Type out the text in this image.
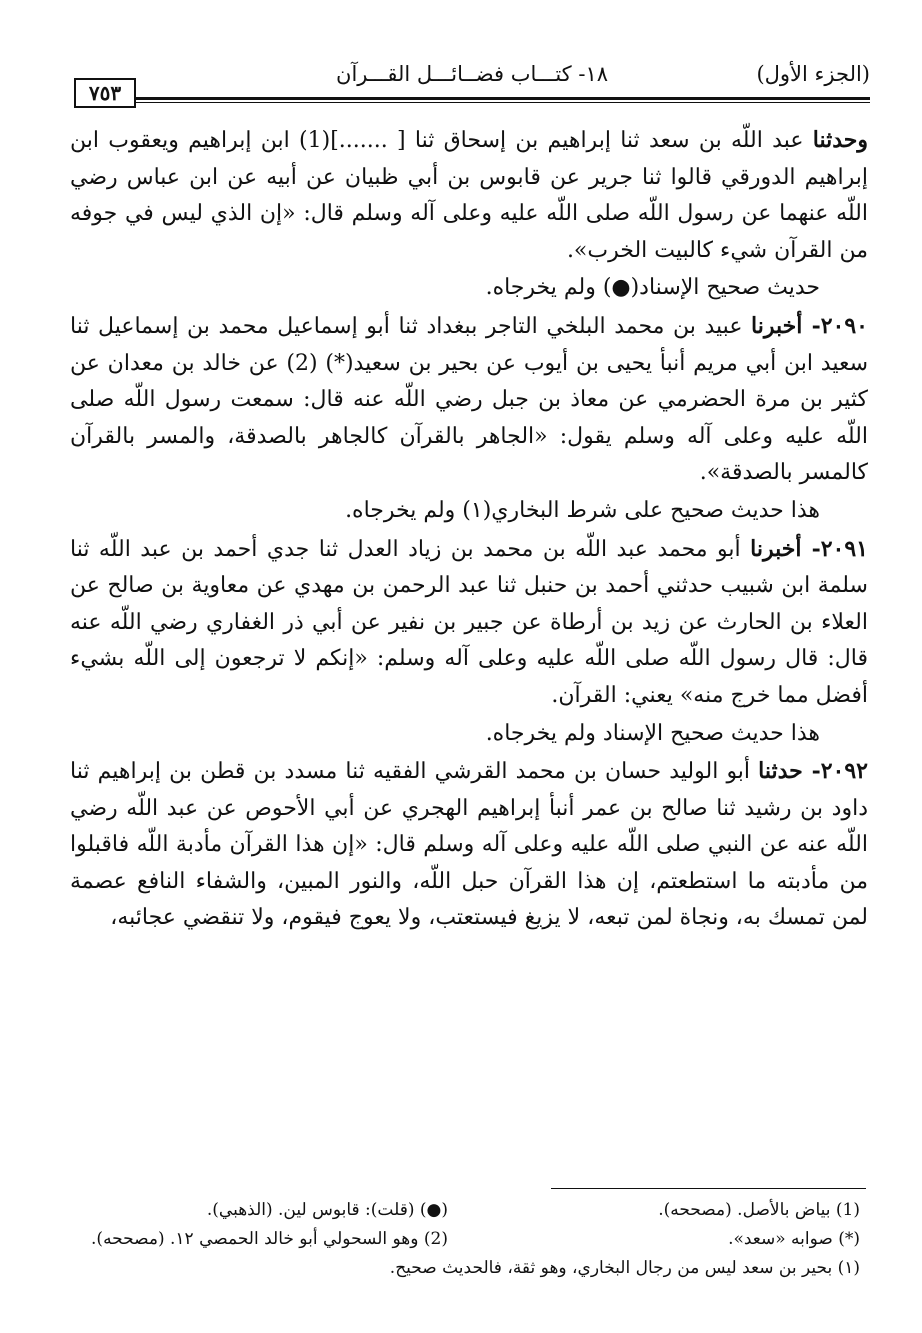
(الجزء الأول)
١٨- كتـــاب فضــائـــل القـــرآن
٧٥٣

وحدثنا عبد اللّه بن سعد ثنا إبراهيم بن إسحاق ثنا [ .......](1) ابن إبراهيم ويعقوب ابن إبراهيم الدورقي قالوا ثنا جرير عن قابوس بن أبي ظبيان عن أبيه عن ابن عباس رضي اللّه عنهما عن رسول اللّه صلى اللّه عليه وعلى آله وسلم قال: «إن الذي ليس في جوفه من القرآن شيء كالبيت الخرب».

حديث صحيح الإسناد(●) ولم يخرجاه.

٢٠٩٠- أخبرنا عبيد بن محمد البلخي التاجر ببغداد ثنا أبو إسماعيل محمد بن إسماعيل ثنا سعيد ابن أبي مريم أنبأ يحيى بن أيوب عن بحير بن سعيد(*) (2) عن خالد بن معدان عن كثير بن مرة الحضرمي عن معاذ بن جبل رضي اللّه عنه قال: سمعت رسول اللّه صلى اللّه عليه وعلى آله وسلم يقول: «الجاهر بالقرآن كالجاهر بالصدقة، والمسر بالقرآن كالمسر بالصدقة».

هذا حديث صحيح على شرط البخاري(١) ولم يخرجاه.

٢٠٩١- أخبرنا أبو محمد عبد اللّه بن محمد بن زياد العدل ثنا جدي أحمد بن عبد اللّه ثنا سلمة ابن شبيب حدثني أحمد بن حنبل ثنا عبد الرحمن بن مهدي عن معاوية بن صالح عن العلاء بن الحارث عن زيد بن أرطاة عن جبير بن نفير عن أبي ذر الغفاري رضي اللّه عنه قال: قال رسول اللّه صلى اللّه عليه وعلى آله وسلم: «إنكم لا ترجعون إلى اللّه بشيء أفضل مما خرج منه» يعني: القرآن.

هذا حديث صحيح الإسناد ولم يخرجاه.

٢٠٩٢- حدثنا أبو الوليد حسان بن محمد القرشي الفقيه ثنا مسدد بن قطن بن إبراهيم ثنا داود بن رشيد ثنا صالح بن عمر أنبأ إبراهيم الهجري عن أبي الأحوص عن عبد اللّه رضي اللّه عنه عن النبي صلى اللّه عليه وعلى آله وسلم قال: «إن هذا القرآن مأدبة اللّه فاقبلوا من مأدبته ما استطعتم، إن هذا القرآن حبل اللّه، والنور المبين، والشفاء النافع عصمة لمن تمسك به، ونجاة لمن تبعه، لا يزيغ فيستعتب، ولا يعوج فيقوم، ولا تنقضي عجائبه،

(1) بياض بالأصل. (مصححه).
(●) (قلت): قابوس لين. (الذهبي).
(*) صوابه «سعد».
(2) وهو السحولي أبو خالد الحمصي ١٢. (مصححه).
(١) بحير بن سعد ليس من رجال البخاري، وهو ثقة، فالحديث صحيح.
